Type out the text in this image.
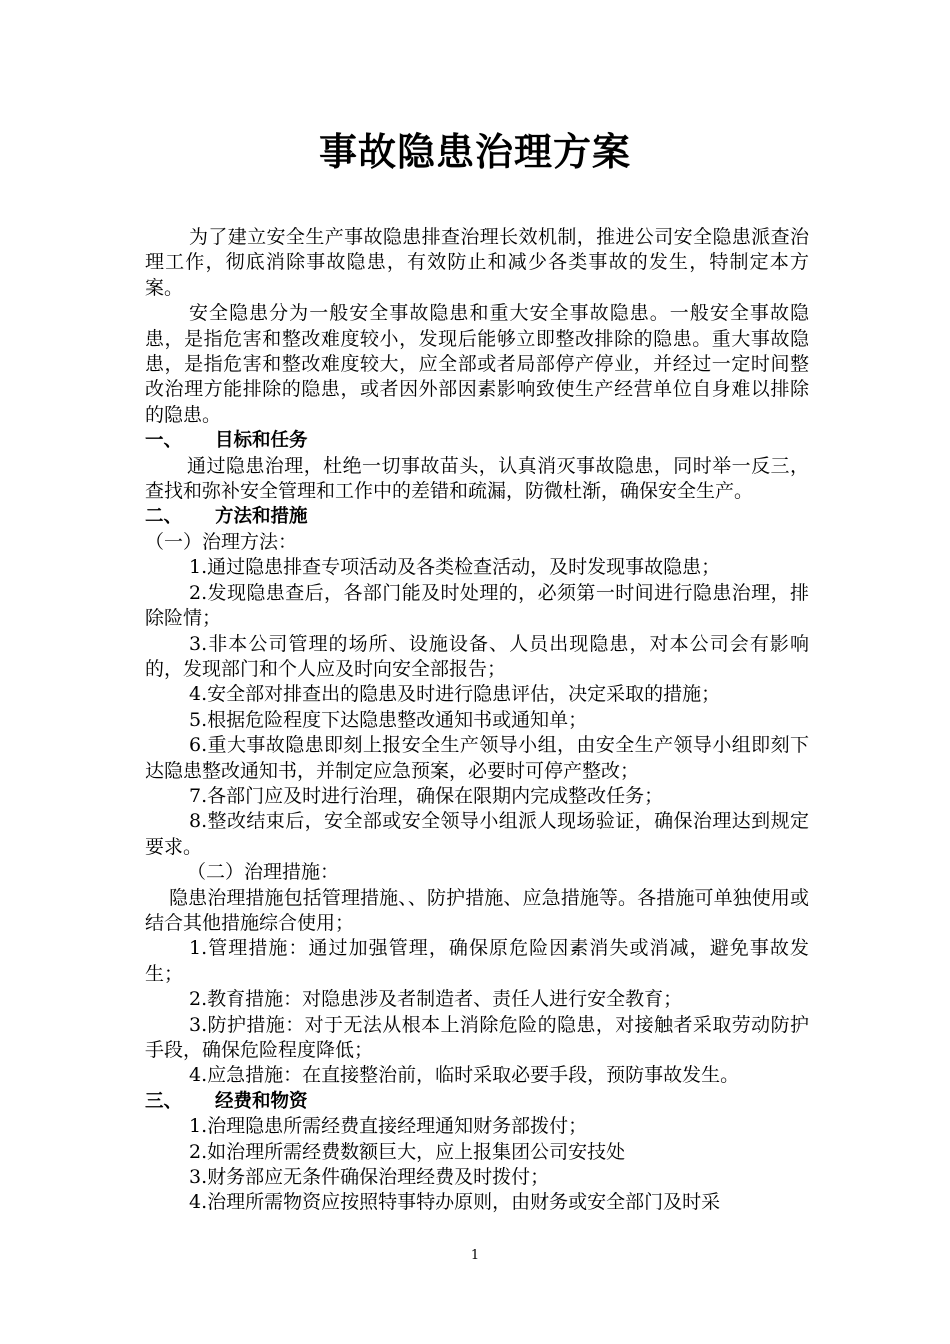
事故隐患治理方案

为了建立安全生产事故隐患排查治理长效机制，推进公司安全隐患派查治理工作，彻底消除事故隐患，有效防止和减少各类事故的发生，特制定本方案。

安全隐患分为一般安全事故隐患和重大安全事故隐患。一般安全事故隐患，是指危害和整改难度较小，发现后能够立即整改排除的隐患。重大事故隐患，是指危害和整改难度较大，应全部或者局部停产停业，并经过一定时间整改治理方能排除的隐患，或者因外部因素影响致使生产经营单位自身难以排除的隐患。

一、 目标和任务

通过隐患治理，杜绝一切事故苗头，认真消灭事故隐患，同时举一反三，查找和弥补安全管理和工作中的差错和疏漏，防微杜渐，确保安全生产。

二、 方法和措施

（一）治理方法：

1.通过隐患排查专项活动及各类检查活动，及时发现事故隐患；

2.发现隐患查后，各部门能及时处理的，必须第一时间进行隐患治理，排除险情；

3.非本公司管理的场所、设施设备、人员出现隐患，对本公司会有影响的，发现部门和个人应及时向安全部报告；

4.安全部对排查出的隐患及时进行隐患评估，决定采取的措施；

5.根据危险程度下达隐患整改通知书或通知单；

6.重大事故隐患即刻上报安全生产领导小组，由安全生产领导小组即刻下达隐患整改通知书，并制定应急预案，必要时可停产整改；

7.各部门应及时进行治理，确保在限期内完成整改任务；

8.整改结束后，安全部或安全领导小组派人现场验证，确保治理达到规定要求。

（二）治理措施：

隐患治理措施包括管理措施、、防护措施、应急措施等。各措施可单独使用或结合其他措施综合使用；

1.管理措施：通过加强管理，确保原危险因素消失或消减，避免事故发生；

2.教育措施：对隐患涉及者制造者、责任人进行安全教育；

3.防护措施：对于无法从根本上消除危险的隐患，对接触者采取劳动防护手段，确保危险程度降低；

4.应急措施：在直接整治前，临时采取必要手段，预防事故发生。

三、 经费和物资

1.治理隐患所需经费直接经理通知财务部拨付；

2.如治理所需经费数额巨大，应上报集团公司安技处

3.财务部应无条件确保治理经费及时拨付；

4.治理所需物资应按照特事特办原则，由财务或安全部门及时采

1
